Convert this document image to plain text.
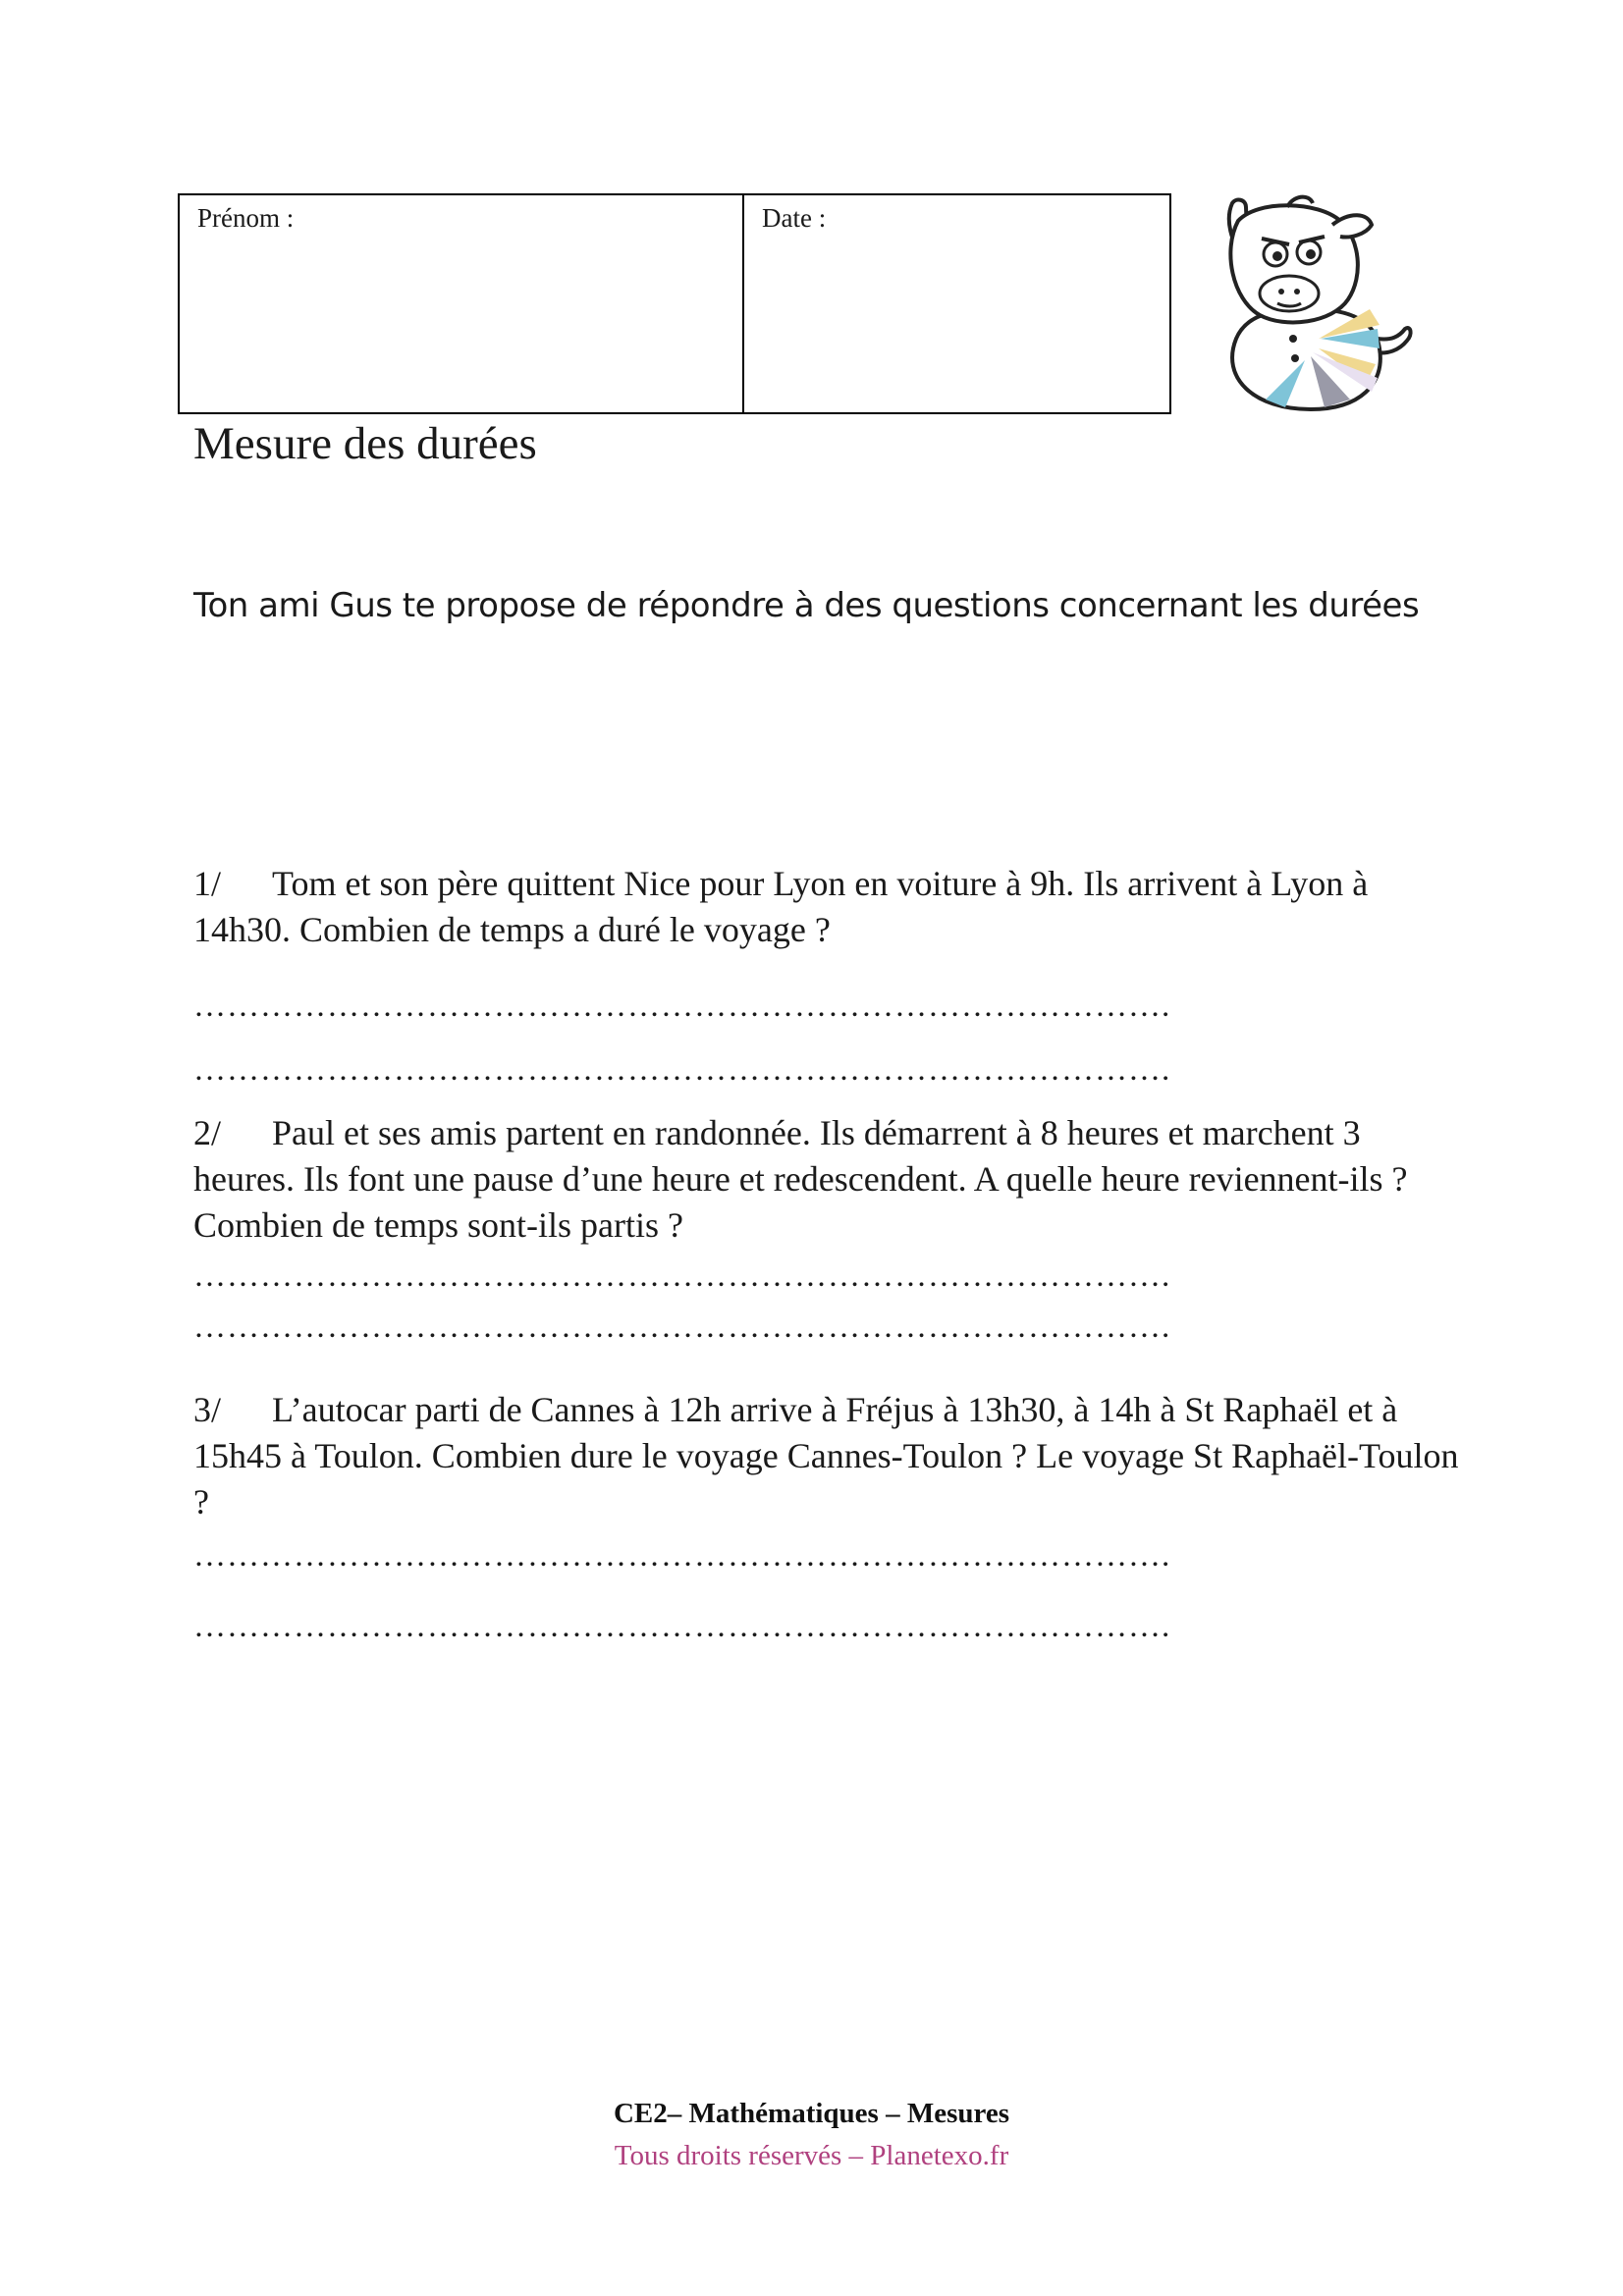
Prénom :	Date :
Mesure des durées
Ton ami Gus te propose de répondre à des questions concernant les durées
1/ Tom et son père quittent Nice pour Lyon en voiture à 9h. Ils arrivent à Lyon à 14h30. Combien de temps a duré le voyage ?
…………………………………………………………………………….
…………………………………………………………………………….
2/ Paul et ses amis partent en randonnée. Ils démarrent à 8 heures et marchent 3 heures. Ils font une pause d’une heure et redescendent. A quelle heure reviennent-ils ? Combien de temps sont-ils partis ?
…………………………………………………………………………….
…………………………………………………………………………….
3/ L’autocar parti de Cannes à 12h arrive à Fréjus à 13h30, à 14h à St Raphaël et à 15h45 à Toulon. Combien dure le voyage Cannes-Toulon ? Le voyage St Raphaël-Toulon ?
…………………………………………………………………………….
…………………………………………………………………………….
CE2– Mathématiques – Mesures
Tous droits réservés – Planetexo.fr
